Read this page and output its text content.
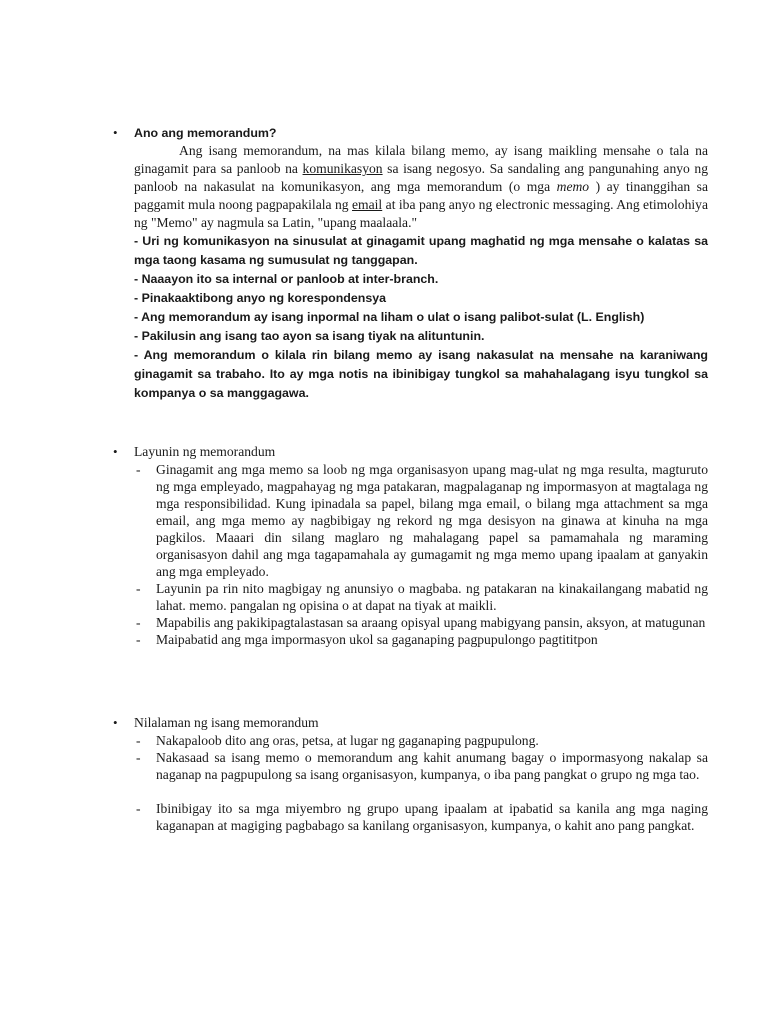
• Ano ang memorandum?
Ang isang memorandum, na mas kilala bilang memo, ay isang maikling mensahe o tala na ginagamit para sa panloob na komunikasyon sa isang negosyo. Sa sandaling ang pangunahing anyo ng panloob na nakasulat na komunikasyon, ang mga memorandum (o mga memo ) ay tinanggihan sa paggamit mula noong pagpapakilala ng email at iba pang anyo ng electronic messaging. Ang etimolohiya ng "Memo" ay nagmula sa Latin, "upang maalaala."

- Uri ng komunikasyon na sinusulat at ginagamit upang maghatid ng mga mensahe o kalatas sa mga taong kasama ng sumusulat ng tanggapan.

- Naaayon ito sa internal or panloob at inter-branch.

- Pinakaaktibong anyo ng korespondensya

- Ang memorandum ay isang inpormal na liham o ulat o isang palibot-sulat (L. English)

- Pakilusin ang isang tao ayon sa isang tiyak na alituntunin.

- Ang memorandum o kilala rin bilang memo ay isang nakasulat na mensahe na karaniwang ginagamit sa trabaho. Ito ay mga notis na ibinibigay tungkol sa mahahalagang isyu tungkol sa kompanya o sa manggagawa.

• Layunin ng memorandum
- Ginagamit ang mga memo sa loob ng mga organisasyon upang mag-ulat ng mga resulta, magturuto ng mga empleyado, magpahayag ng mga patakaran, magpalaganap ng impormasyon at magtalaga ng mga responsibilidad. Kung ipinadala sa papel, bilang mga email, o bilang mga attachment sa mga email, ang mga memo ay nagbibigay ng rekord ng mga desisyon na ginawa at kinuha na mga pagkilos. Maaari din silang maglaro ng mahalagang papel sa pamamahala ng maraming organisasyon dahil ang mga tagapamahala ay gumagamit ng mga memo upang ipaalam at ganyakin ang mga empleyado.
- Layunin pa rin nito magbigay ng anunsiyo o magbaba. ng patakaran na kinakailangang mabatid ng lahat. memo. pangalan ng opisina o at dapat na tiyak at maikli.
- Mapabilis ang pakikipagtalastasan sa araang opisyal upang mabigyang pansin, aksyon, at matugunan
- Maipabatid ang mga impormasyon ukol sa gaganaping pagpupulongo pagtititpon
• Nilalaman ng isang memorandum
- Nakapaloob dito ang oras, petsa, at lugar ng gaganaping pagpupulong.
- Nakasaad sa isang memo o memorandum ang kahit anumang bagay o impormasyong nakalap sa naganap na pagpupulong sa isang organisasyon, kumpanya, o iba pang pangkat o grupo ng mga tao.
- Ibinibigay ito sa mga miyembro ng grupo upang ipaalam at ipabatid sa kanila ang mga naging kaganapan at magiging pagbabago sa kanilang organisasyon, kumpanya, o kahit ano pang pangkat.
